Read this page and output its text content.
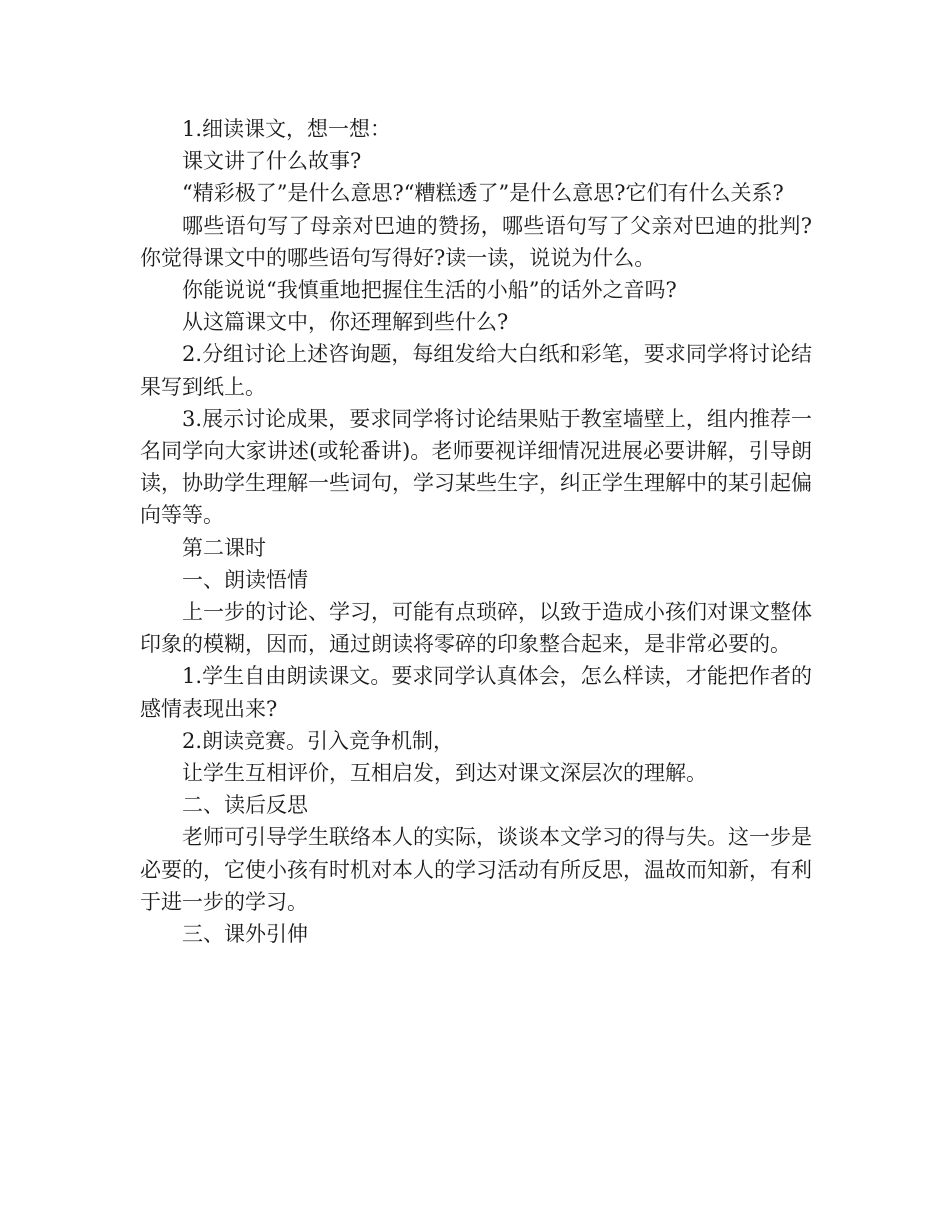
1.细读课文，想一想：

课文讲了什么故事?

“精彩极了”是什么意思?“糟糕透了”是什么意思?它们有什么关系?

哪些语句写了母亲对巴迪的赞扬，哪些语句写了父亲对巴迪的批判?你觉得课文中的哪些语句写得好?读一读，说说为什么。

你能说说“我慎重地把握住生活的小船”的话外之音吗?

从这篇课文中，你还理解到些什么?

2.分组讨论上述咨询题，每组发给大白纸和彩笔，要求同学将讨论结果写到纸上。

3.展示讨论成果，要求同学将讨论结果贴于教室墙壁上，组内推荐一名同学向大家讲述(或轮番讲)。老师要视详细情况进展必要讲解，引导朗读，协助学生理解一些词句，学习某些生字，纠正学生理解中的某引起偏向等等。

第二课时

一、朗读悟情

上一步的讨论、学习，可能有点琐碎，以致于造成小孩们对课文整体印象的模糊，因而，通过朗读将零碎的印象整合起来，是非常必要的。

1.学生自由朗读课文。要求同学认真体会，怎么样读，才能把作者的感情表现出来?

2.朗读竞赛。引入竞争机制，

让学生互相评价，互相启发，到达对课文深层次的理解。

二、读后反思

老师可引导学生联络本人的实际，谈谈本文学习的得与失。这一步是必要的，它使小孩有时机对本人的学习活动有所反思，温故而知新，有利于进一步的学习。

三、课外引伸
